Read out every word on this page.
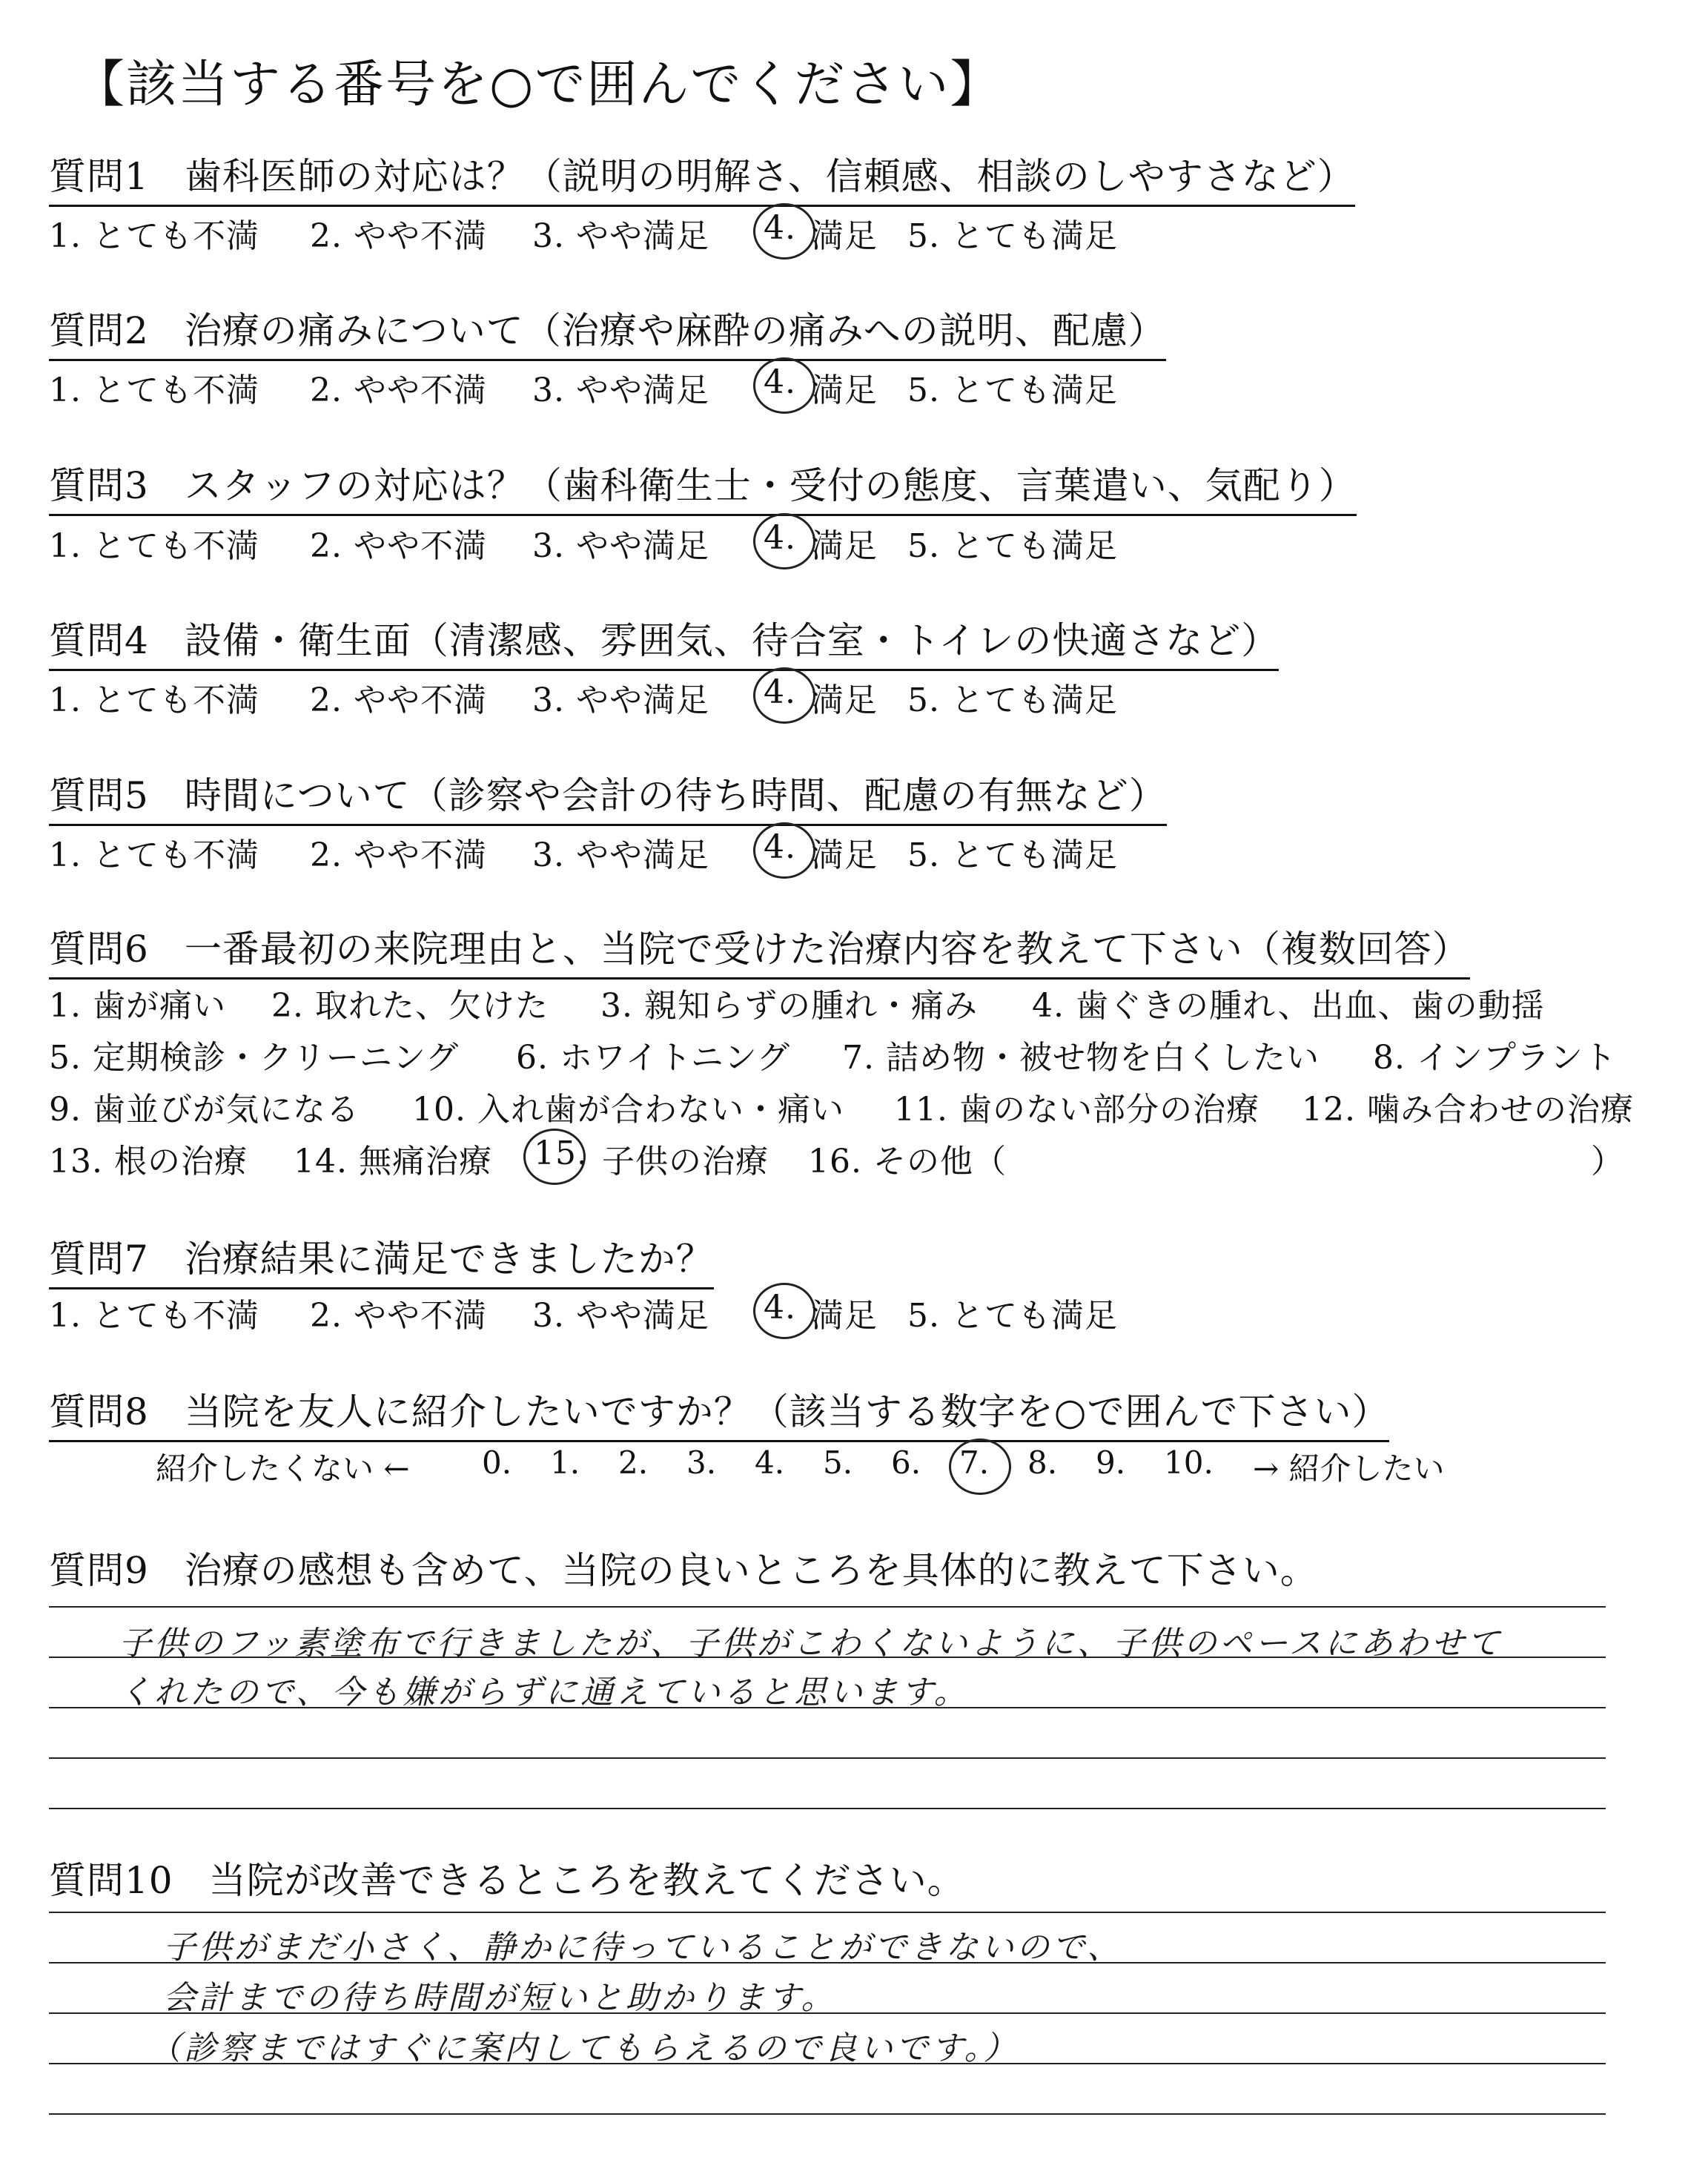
【該当する番号を○で囲んでください】
質問1 歯科医師の対応は？（説明の明解さ、信頼感、相談のしやすさなど）
1. とても不満 2. やや不満 3. やや満足 4. 満足 5. とても満足
質問2 治療の痛みについて（治療や麻酔の痛みへの説明、配慮）
1. とても不満 2. やや不満 3. やや満足 4. 満足 5. とても満足
質問3 スタッフの対応は？（歯科衛生士・受付の態度、言葉遣い、気配り）
1. とても不満 2. やや不満 3. やや満足 4. 満足 5. とても満足
質問4 設備・衛生面（清潔感、雰囲気、待合室・トイレの快適さなど）
1. とても不満 2. やや不満 3. やや満足 4. 満足 5. とても満足
質問5 時間について（診察や会計の待ち時間、配慮の有無など）
1. とても不満 2. やや不満 3. やや満足 4. 満足 5. とても満足
質問6 一番最初の来院理由と、当院で受けた治療内容を教えて下さい（複数回答）
1. 歯が痛い 2. 取れた、欠けた 3. 親知らずの腫れ・痛み 4. 歯ぐきの腫れ、出血、歯の動揺
5. 定期検診・クリーニング 6. ホワイトニング 7. 詰め物・被せ物を白くしたい 8. インプラント
9. 歯並びが気になる 10. 入れ歯が合わない・痛い 11. 歯のない部分の治療 12. 噛み合わせの治療
13. 根の治療 14. 無痛治療 15. 子供の治療 16. その他（	）
質問7 治療結果に満足できましたか？
1. とても不満 2. やや不満 3. やや満足 4. 満足 5. とても満足
質問8 当院を友人に紹介したいですか？（該当する数字を○で囲んで下さい）
紹介したくない ← 0. 1. 2. 3. 4. 5. 6. 7. 8. 9. 10. → 紹介したい
質問9 治療の感想も含めて、当院の良いところを具体的に教えて下さい。
子供のフッ素塗布で行きましたが、子供がこわくないように、子供のペースにあわせて
くれたので、今も嫌がらずに通えていると思います。
質問10 当院が改善できるところを教えてください。
子供がまだ小さく、静かに待っていることができないので、
会計までの待ち時間が短いと助かります。
（診察まではすぐに案内してもらえるので良いです。）
